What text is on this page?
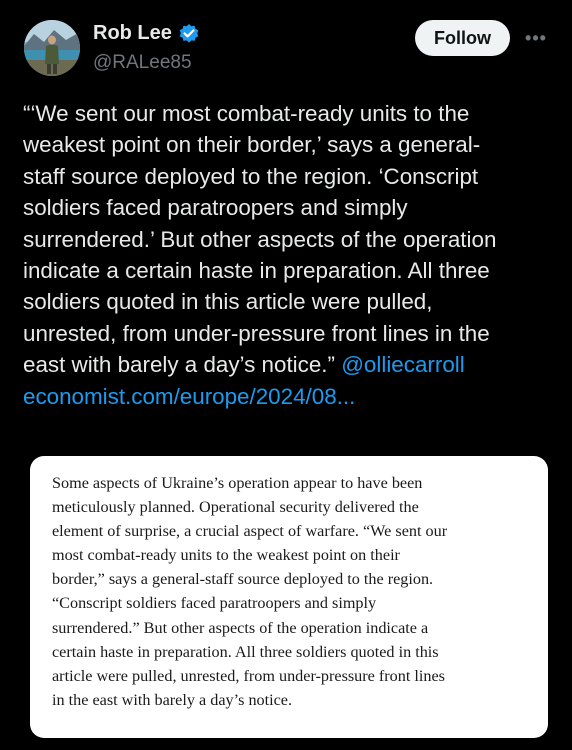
Rob Lee
@RALee85
Follow	•••
“‘We sent our most combat-ready units to the
weakest point on their border,’ says a general-
staff source deployed to the region. ‘Conscript
soldiers faced paratroopers and simply
surrendered.’ But other aspects of the operation
indicate a certain haste in preparation. All three
soldiers quoted in this article were pulled,
unrested, from under-pressure front lines in the
east with barely a day’s notice.” @olliecarroll
economist.com/europe/2024/08...
Some aspects of Ukraine’s operation appear to have been
meticulously planned. Operational security delivered the
element of surprise, a crucial aspect of warfare. “We sent our
most combat-ready units to the weakest point on their
border,” says a general-staff source deployed to the region.
“Conscript soldiers faced paratroopers and simply
surrendered.” But other aspects of the operation indicate a
certain haste in preparation. All three soldiers quoted in this
article were pulled, unrested, from under-pressure front lines
in the east with barely a day’s notice.
